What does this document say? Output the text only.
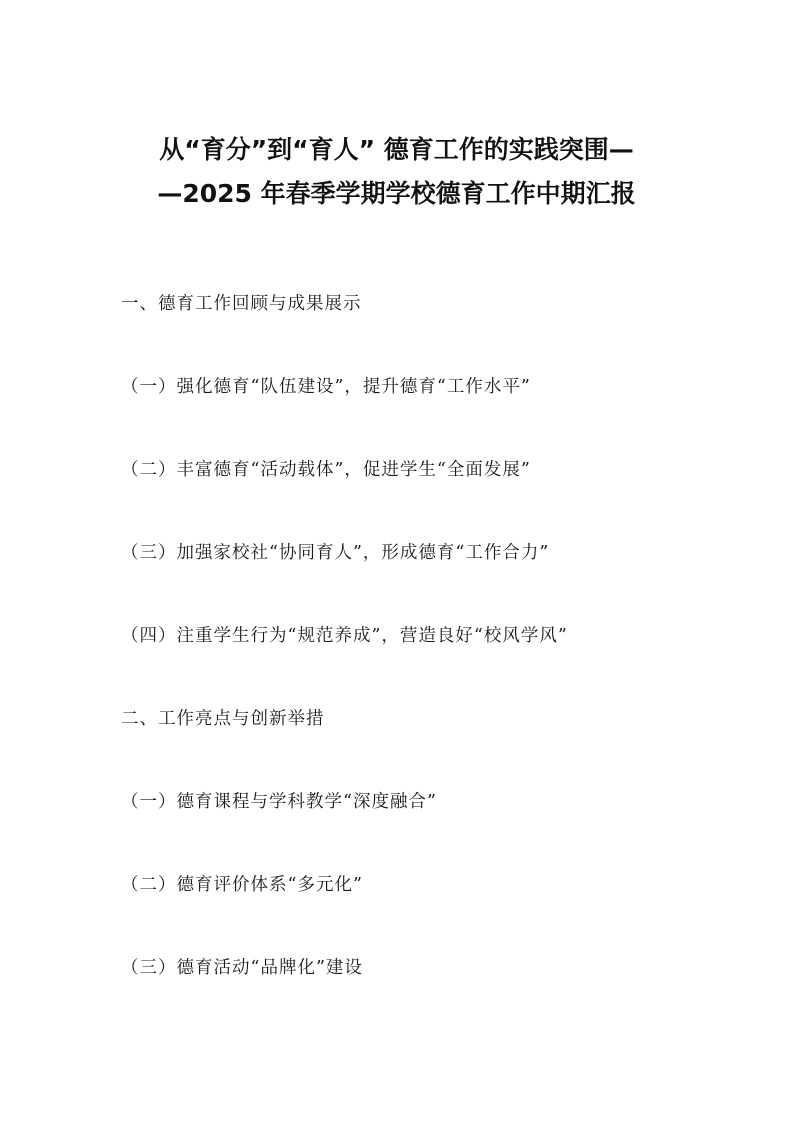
从“育分”到“育人” 德育工作的实践突围—
—2025 年春季学期学校德育工作中期汇报
一、德育工作回顾与成果展示
（一）强化德育“队伍建设”，提升德育“工作水平”
（二）丰富德育“活动载体”，促进学生“全面发展”
（三）加强家校社“协同育人”，形成德育“工作合力”
（四）注重学生行为“规范养成”，营造良好“校风学风”
二、工作亮点与创新举措
（一）德育课程与学科教学“深度融合”
（二）德育评价体系“多元化”
（三）德育活动“品牌化”建设
